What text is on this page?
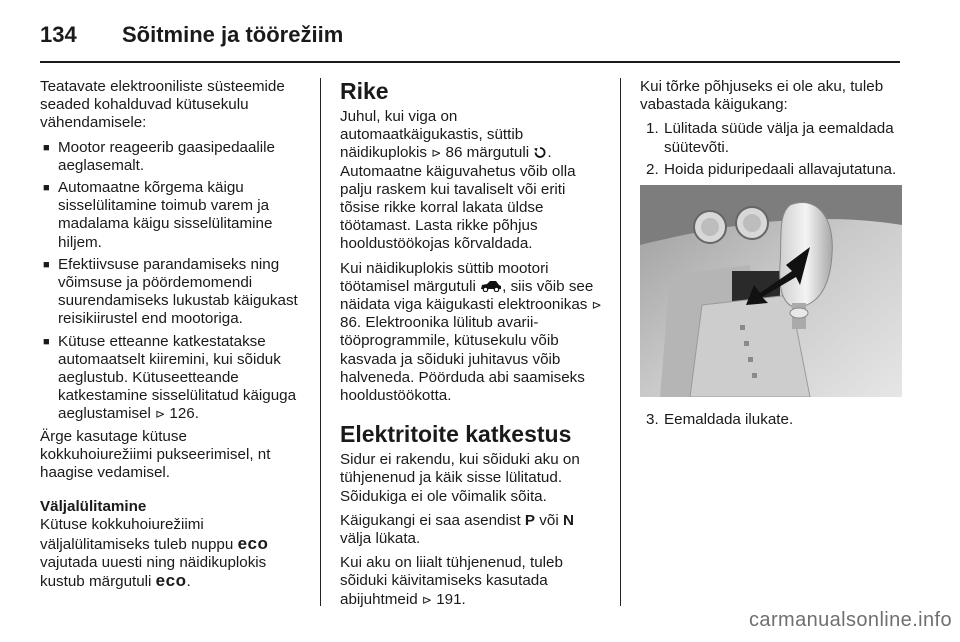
134	Sõitmine ja töörežiim

Teatavate elektrooniliste süsteemide seaded kohalduvad kütusekulu vähendamisele:

■ Mootor reageerib gaasipedaalile aeglasemalt.
■ Automaatne kõrgema käigu sisselülitamine toimub varem ja madalama käigu sisselülitamine hiljem.
■ Efektiivsuse parandamiseks ning võimsuse ja pöördemomendi suurendamiseks lukustab käigukast reisikiirustel end mootoriga.
■ Kütuse etteanne katkestatakse automaatselt kiiremini, kui sõiduk aeglustub. Kütuseetteande katkestamine sisselülitatud käiguga aeglustamisel ⊳ 126.

Ärge kasutage kütuse kokkuhoiurežiimi pukseerimisel, nt haagise vedamisel.

Väljalülitamine

Kütuse kokkuhoiurežiimi väljalülitamiseks tuleb nuppu eco vajutada uuesti ning näidikuplokis kustub märgutuli eco.

Rike

Juhul, kui viga on automaatkäigukastis, süttib näidikuplokis ⊳ 86 märgutuli . Automaatne käiguvahetus võib olla palju raskem kui tavaliselt või eriti tõsise rikke korral lakata üldse töötamast. Lasta rikke põhjus hooldustöökojas kõrvaldada.

Kui näidikuplokis süttib mootori töötamisel märgutuli , siis võib see näidata viga käigukasti elektroonikas ⊳ 86. Elektroonika lülitub avarii-tööprogrammile, kütusekulu võib kasvada ja sõiduki juhitavus võib halveneda. Pöörduda abi saamiseks hooldustöökotta.

Elektritoite katkestus

Sidur ei rakendu, kui sõiduki aku on tühjenenud ja käik sisse lülitatud. Sõidukiga ei ole võimalik sõita.

Käigukangi ei saa asendist P või N välja lükata.

Kui aku on liialt tühjenenud, tuleb sõiduki käivitamiseks kasutada abijuhtmeid ⊳ 191.

Kui tõrke põhjuseks ei ole aku, tuleb vabastada käigukang:

1. Lülitada süüde välja ja eemaldada süütevõti.
2. Hoida piduripedaali allavajutatuna.
3. Eemaldada ilukate.
carmanualsonline.info
